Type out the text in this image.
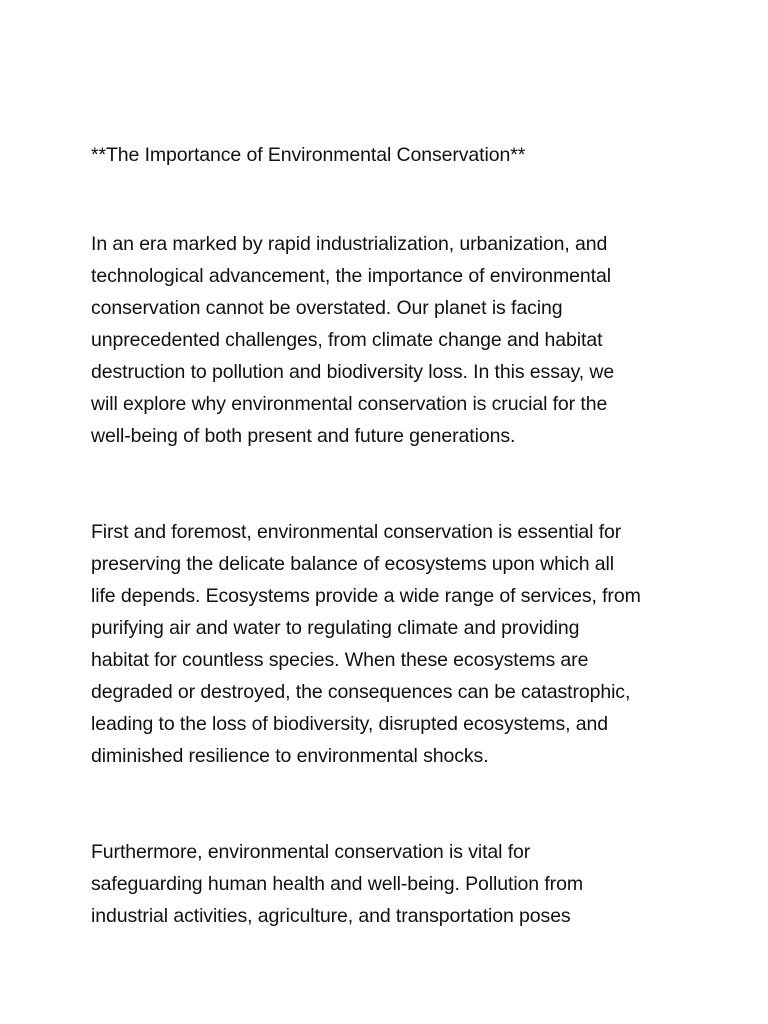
**The Importance of Environmental Conservation**

In an era marked by rapid industrialization, urbanization, and
technological advancement, the importance of environmental
conservation cannot be overstated. Our planet is facing
unprecedented challenges, from climate change and habitat
destruction to pollution and biodiversity loss. In this essay, we
will explore why environmental conservation is crucial for the
well-being of both present and future generations.

First and foremost, environmental conservation is essential for
preserving the delicate balance of ecosystems upon which all
life depends. Ecosystems provide a wide range of services, from
purifying air and water to regulating climate and providing
habitat for countless species. When these ecosystems are
degraded or destroyed, the consequences can be catastrophic,
leading to the loss of biodiversity, disrupted ecosystems, and
diminished resilience to environmental shocks.

Furthermore, environmental conservation is vital for
safeguarding human health and well-being. Pollution from
industrial activities, agriculture, and transportation poses
